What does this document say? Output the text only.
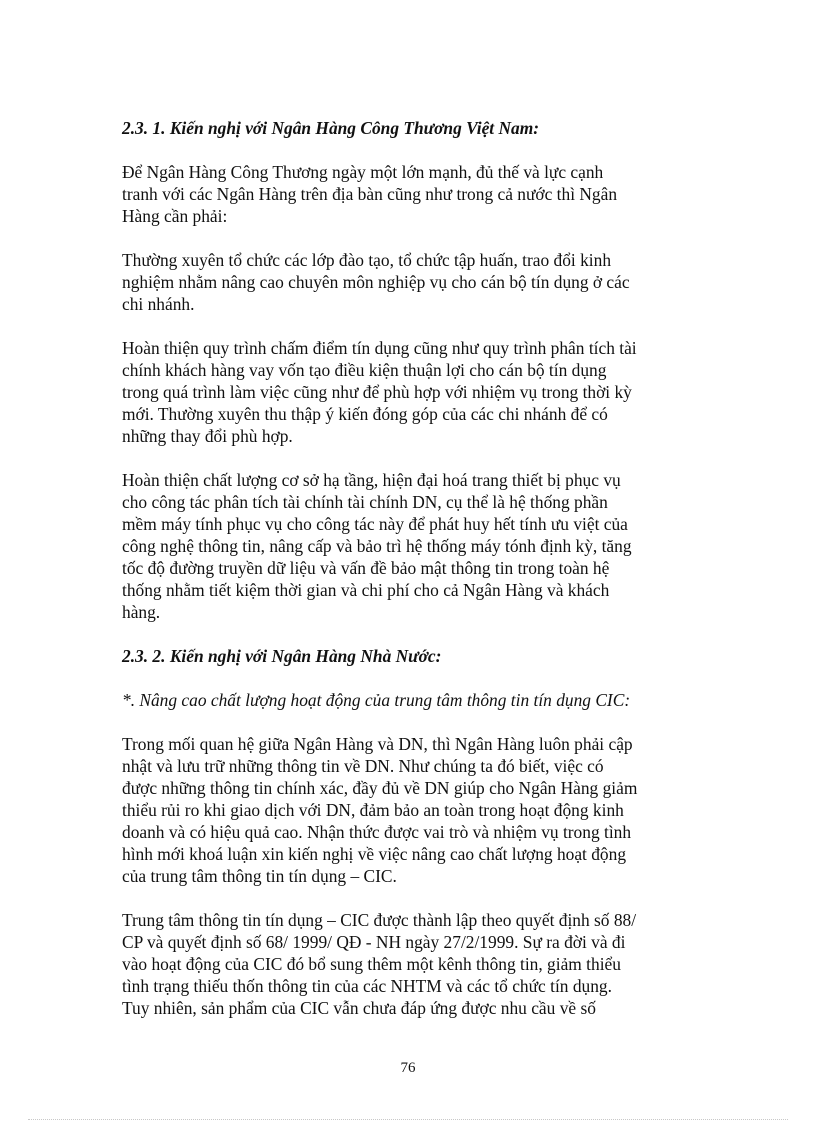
2.3. 1. Kiến nghị với Ngân Hàng Công Thương Việt Nam:

Để Ngân Hàng Công Thương ngày một lớn mạnh, đủ thế và lực cạnh
tranh với các Ngân Hàng trên địa bàn cũng như trong cả nước thì Ngân
Hàng cần phải:

Thường xuyên tổ chức các lớp đào tạo, tổ chức tập huấn, trao đổi kinh
nghiệm nhằm nâng cao chuyên môn nghiệp vụ cho cán bộ tín dụng ở các
chi nhánh.

Hoàn thiện quy trình chấm điểm tín dụng cũng như quy trình phân tích tài
chính khách hàng vay vốn tạo điều kiện thuận lợi cho cán bộ tín dụng
trong quá trình làm việc cũng như để phù hợp với nhiệm vụ trong thời kỳ
mới. Thường xuyên thu thập ý kiến đóng góp của các chi nhánh để có
những thay đổi phù hợp.

Hoàn thiện chất lượng cơ sở hạ tầng, hiện đại hoá trang thiết bị phục vụ
cho công tác phân tích tài chính tài chính DN, cụ thể là hệ thống phần
mềm máy tính phục vụ cho công tác này để phát huy hết tính ưu việt của
công nghệ thông tin, nâng cấp và bảo trì hệ thống máy tónh định kỳ, tăng
tốc độ đường truyền dữ liệu và vấn đề bảo mật thông tin trong toàn hệ
thống nhằm tiết kiệm thời gian và chi phí cho cả Ngân Hàng và khách
hàng.

2.3. 2. Kiến nghị với Ngân Hàng Nhà Nước:

*. Nâng cao chất lượng hoạt động của trung tâm thông tin tín dụng CIC:

Trong mối quan hệ giữa Ngân Hàng và DN, thì Ngân Hàng luôn phải cập
nhật và lưu trữ những thông tin về DN. Như chúng ta đó biết, việc có
được những thông tin chính xác, đầy đủ về DN giúp cho Ngân Hàng giảm
thiểu rủi ro khi giao dịch với DN, đảm bảo an toàn trong hoạt động kinh
doanh và có hiệu quả cao. Nhận thức được vai trò và nhiệm vụ trong tình
hình mới khoá luận xin kiến nghị về việc nâng cao chất lượng hoạt động
của trung tâm thông tin tín dụng – CIC.

Trung tâm thông tin tín dụng – CIC được thành lập theo quyết định số 88/
CP và quyết định số 68/ 1999/ QĐ - NH ngày 27/2/1999. Sự ra đời và đi
vào hoạt động của CIC đó bổ sung thêm một kênh thông tin, giảm thiểu
tình trạng thiếu thốn thông tin của các NHTM và các tổ chức tín dụng.
Tuy nhiên, sản phẩm của CIC vẫn chưa đáp ứng được nhu cầu về số

76
